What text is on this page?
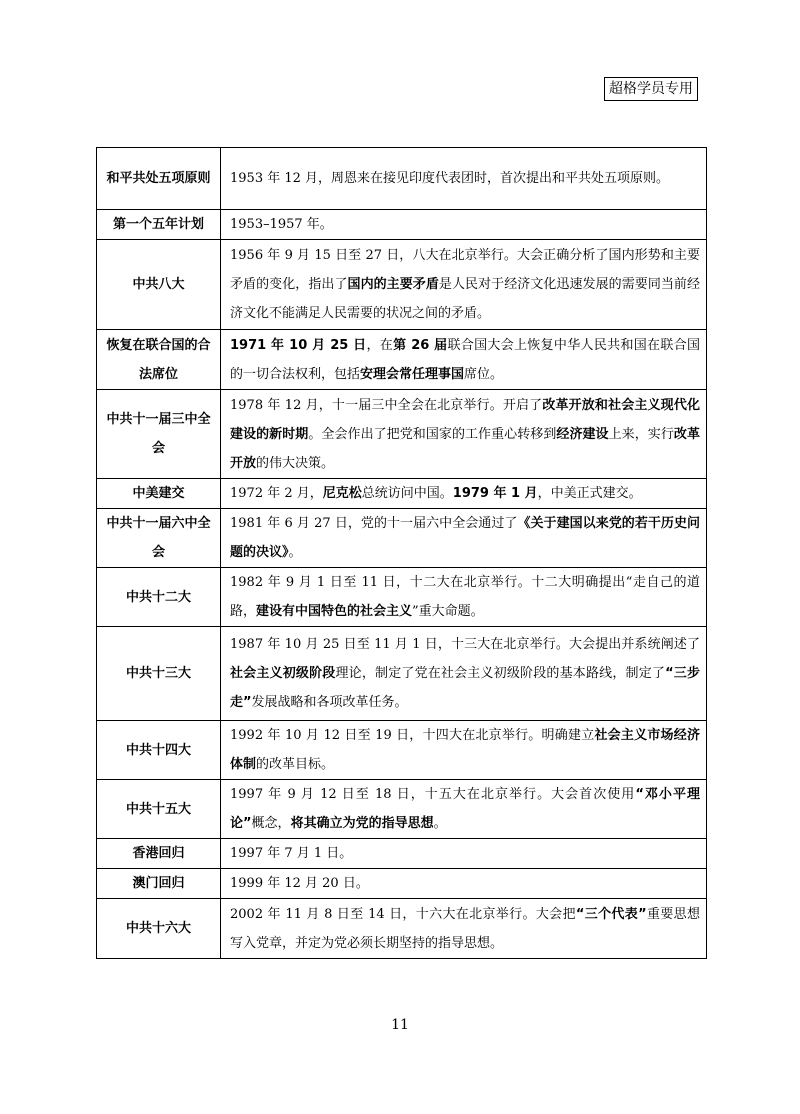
超格学员专用
和平共处五项原则	1953 年 12 月，周恩来在接见印度代表团时，首次提出和平共处五项原则。
第一个五年计划	1953–1957 年。
中共八大	1956 年 9 月 15 日至 27 日，八大在北京举行。大会正确分析了国内形势和主要矛盾的变化，指出了国内的主要矛盾是人民对于经济文化迅速发展的需要同当前经济文化不能满足人民需要的状况之间的矛盾。
恢复在联合国的合法席位	1971 年 10 月 25 日，在第 26 届联合国大会上恢复中华人民共和国在联合国的一切合法权利，包括安理会常任理事国席位。
中共十一届三中全会	1978 年 12 月，十一届三中全会在北京举行。开启了改革开放和社会主义现代化建设的新时期。全会作出了把党和国家的工作重心转移到经济建设上来，实行改革开放的伟大决策。
中美建交	1972 年 2 月，尼克松总统访问中国。1979 年 1 月，中美正式建交。
中共十一届六中全会	1981 年 6 月 27 日，党的十一届六中全会通过了《关于建国以来党的若干历史问题的决议》。
中共十二大	1982 年 9 月 1 日至 11 日，十二大在北京举行。十二大明确提出“走自己的道路，建设有中国特色的社会主义”重大命题。
中共十三大	1987 年 10 月 25 日至 11 月 1 日，十三大在北京举行。大会提出并系统阐述了社会主义初级阶段理论，制定了党在社会主义初级阶段的基本路线，制定了“三步走”发展战略和各项改革任务。
中共十四大	1992 年 10 月 12 日至 19 日，十四大在北京举行。明确建立社会主义市场经济体制的改革目标。
中共十五大	1997 年 9 月 12 日至 18 日，十五大在北京举行。大会首次使用“邓小平理论”概念，将其确立为党的指导思想。
香港回归	1997 年 7 月 1 日。
澳门回归	1999 年 12 月 20 日。
中共十六大	2002 年 11 月 8 日至 14 日，十六大在北京举行。大会把“三个代表”重要思想写入党章，并定为党必须长期坚持的指导思想。
11
